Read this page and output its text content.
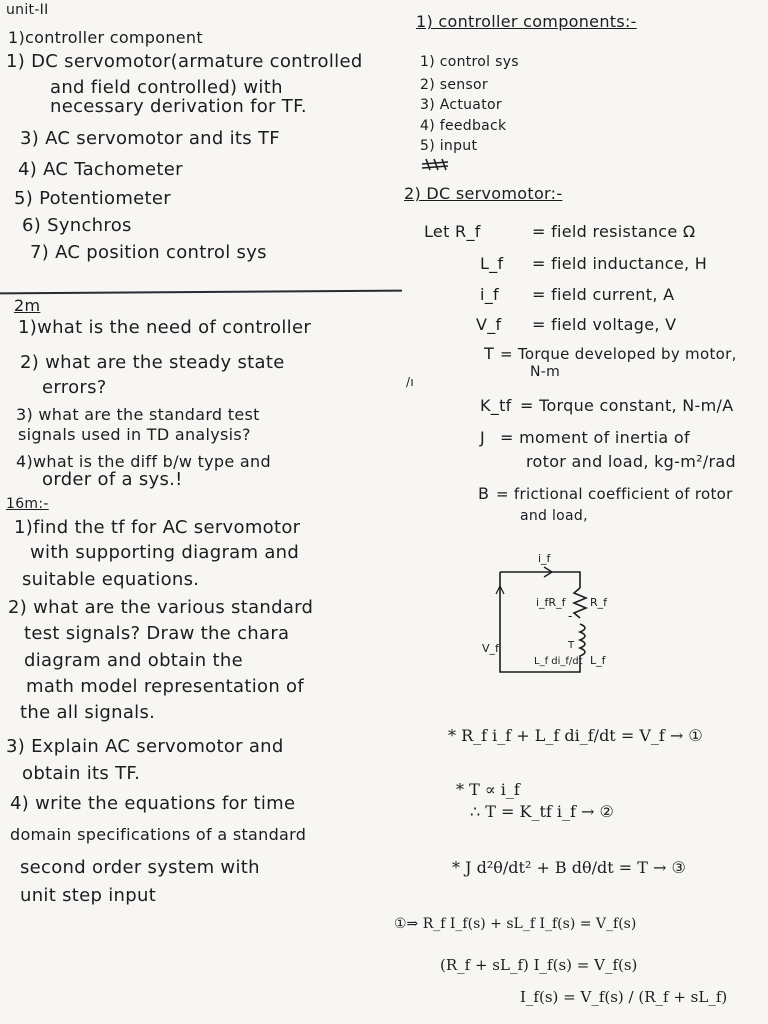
unit-II
1)controller component
1) DC servomotor(armature controlled
and field controlled) with
necessary derivation for TF.
3) AC servomotor and its TF
4) AC Tachometer
5) Potentiometer
6) Synchros
7) AC position control sys
2m
1)what is the need of controller
2) what are the steady state
errors?
3) what are the standard test
signals used in TD analysis?
4)what is the diff b/w type and
order of a sys.!
16m:-
1)find the tf for AC servomotor
with supporting diagram and
suitable equations.
2) what are the various standard
test signals? Draw the chara
diagram and obtain the
math model representation of
the all signals.
3) Explain AC servomotor and
obtain its TF.
4) write the equations for time
domain specifications of a standard
second order system with
unit step input
1) controller components:-
1) control sys
2) sensor
3) Actuator
4) feedback
5) input
2) DC servomotor:-
Let R_f	= field resistance Ω
L_f = field inductance, H
i_f = field current, A
V_f = field voltage, V
T = Torque developed by motor,
N-m
K_tf = Torque constant, N-m/A
J = moment of inertia of
rotor and load, kg-m²/rad
B = frictional coefficient of rotor
and load,
i_f
i_fR_f R_f
-
T
V_f
L_f di_f/dt L_f
* R_f i_f + L_f di_f/dt = V_f → ①
* T ∝ i_f
∴ T = K_tf i_f → ②
* J d²θ/dt² + B dθ/dt = T → ③
①⇒ R_f I_f(s) + sL_f I_f(s) = V_f(s)
(R_f + sL_f) I_f(s) = V_f(s)
I_f(s) = V_f(s) / (R_f + sL_f)
/ı
